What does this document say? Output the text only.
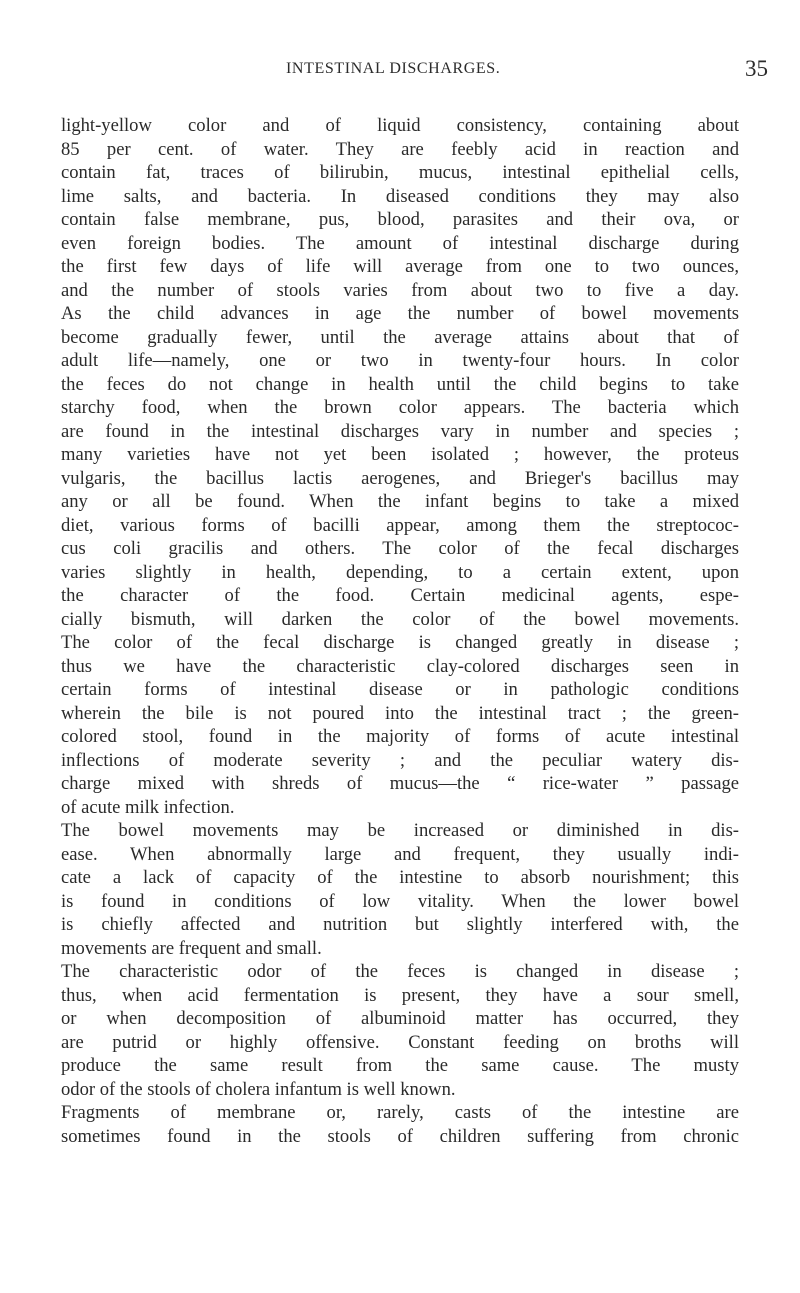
INTESTINAL DISCHARGES.	35
light-yellow color and of liquid consistency, containing about
85 per cent. of water. They are feebly acid in reaction and
contain fat, traces of bilirubin, mucus, intestinal epithelial cells,
lime salts, and bacteria. In diseased conditions they may also
contain false membrane, pus, blood, parasites and their ova, or
even foreign bodies. The amount of intestinal discharge during
the first few days of life will average from one to two ounces,
and the number of stools varies from about two to five a day.
As the child advances in age the number of bowel movements
become gradually fewer, until the average attains about that of
adult life—namely, one or two in twenty-four hours. In color
the feces do not change in health until the child begins to take
starchy food, when the brown color appears. The bacteria which
are found in the intestinal discharges vary in number and species ;
many varieties have not yet been isolated ; however, the proteus
vulgaris, the bacillus lactis aerogenes, and Brieger's bacillus may
any or all be found. When the infant begins to take a mixed
diet, various forms of bacilli appear, among them the streptococ-
cus coli gracilis and others. The color of the fecal discharges
varies slightly in health, depending, to a certain extent, upon
the character of the food. Certain medicinal agents, espe-
cially bismuth, will darken the color of the bowel movements.
The color of the fecal discharge is changed greatly in disease ;
thus we have the characteristic clay-colored discharges seen in
certain forms of intestinal disease or in pathologic conditions
wherein the bile is not poured into the intestinal tract ; the green-
colored stool, found in the majority of forms of acute intestinal
inflections of moderate severity ; and the peculiar watery dis-
charge mixed with shreds of mucus—the “ rice-water ” passage
of acute milk infection.
The bowel movements may be increased or diminished in dis-
ease. When abnormally large and frequent, they usually indi-
cate a lack of capacity of the intestine to absorb nourishment; this
is found in conditions of low vitality. When the lower bowel
is chiefly affected and nutrition but slightly interfered with, the
movements are frequent and small.
The characteristic odor of the feces is changed in disease ;
thus, when acid fermentation is present, they have a sour smell,
or when decomposition of albuminoid matter has occurred, they
are putrid or highly offensive. Constant feeding on broths will
produce the same result from the same cause. The musty
odor of the stools of cholera infantum is well known.
Fragments of membrane or, rarely, casts of the intestine are
sometimes found in the stools of children suffering from chronic
